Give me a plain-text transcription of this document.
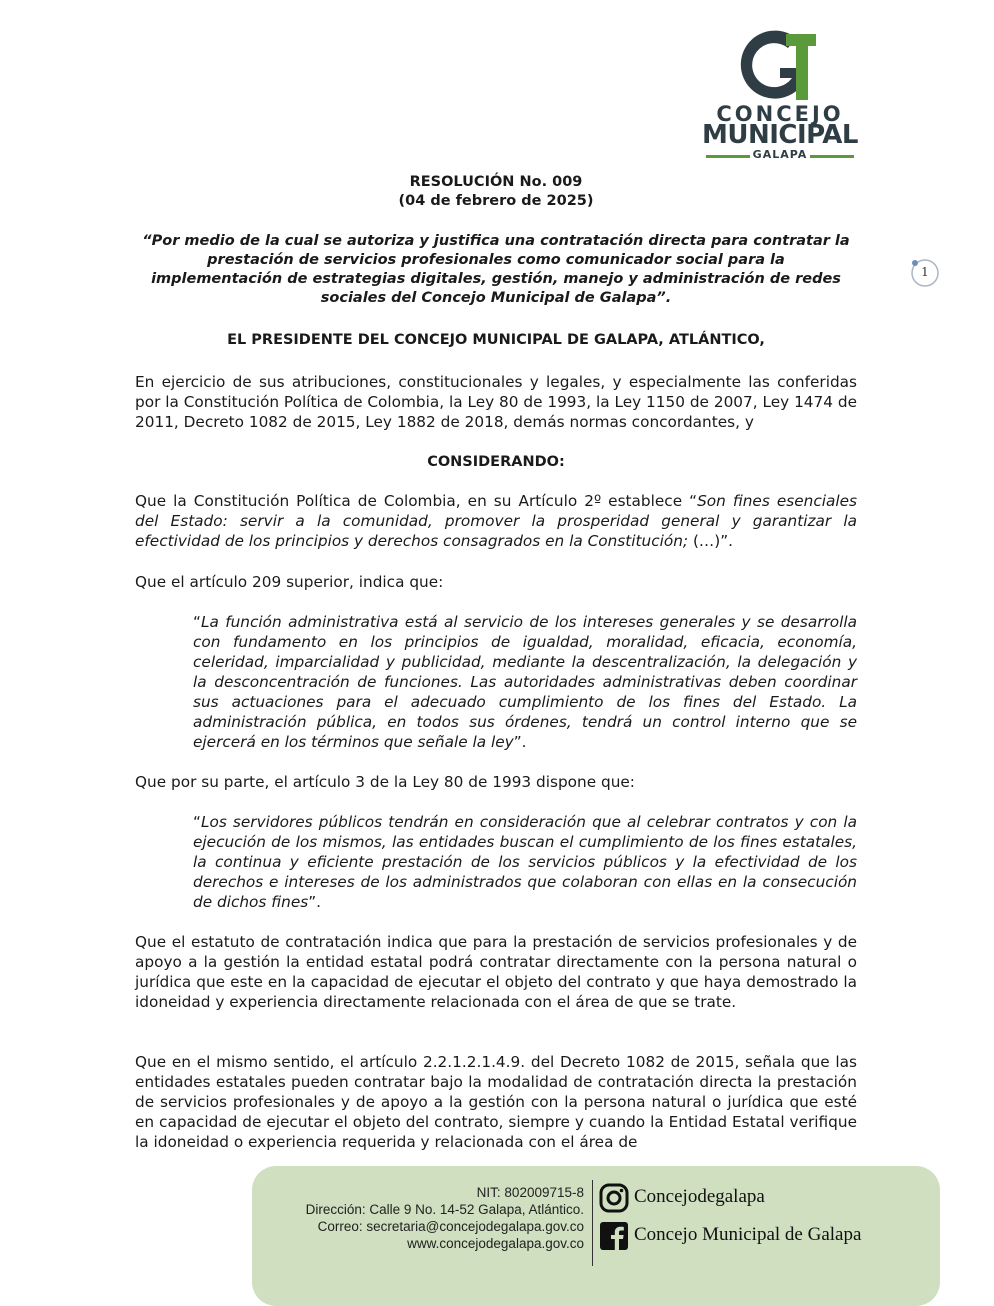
CONCEJO
MUNICIPAL
GALAPA
1
RESOLUCIÓN No. 009
(04 de febrero de 2025)
“Por medio de la cual se autoriza y justifica una contratación directa para contratar la prestación de servicios profesionales como comunicador social para la implementación de estrategias digitales, gestión, manejo y administración de redes sociales del Concejo Municipal de Galapa”.
EL PRESIDENTE DEL CONCEJO MUNICIPAL DE GALAPA, ATLÁNTICO,
En ejercicio de sus atribuciones, constitucionales y legales, y especialmente las conferidas por la Constitución Política de Colombia, la Ley 80 de 1993, la Ley 1150 de 2007, Ley 1474 de 2011, Decreto 1082 de 2015, Ley 1882 de 2018, demás normas concordantes, y
CONSIDERANDO:
Que la Constitución Política de Colombia, en su Artículo 2º establece “Son fines esenciales del Estado: servir a la comunidad, promover la prosperidad general y garantizar la efectividad de los principios y derechos consagrados en la Constitución; (…)”.
Que el artículo 209 superior, indica que:
“La función administrativa está al servicio de los intereses generales y se desarrolla con fundamento en los principios de igualdad, moralidad, eficacia, economía, celeridad, imparcialidad y publicidad, mediante la descentralización, la delegación y la desconcentración de funciones. Las autoridades administrativas deben coordinar sus actuaciones para el adecuado cumplimiento de los fines del Estado. La administración pública, en todos sus órdenes, tendrá un control interno que se ejercerá en los términos que señale la ley”.
Que por su parte, el artículo 3 de la Ley 80 de 1993 dispone que:
“Los servidores públicos tendrán en consideración que al celebrar contratos y con la ejecución de los mismos, las entidades buscan el cumplimiento de los fines estatales, la continua y eficiente prestación de los servicios públicos y la efectividad de los derechos e intereses de los administrados que colaboran con ellas en la consecución de dichos fines”.
Que el estatuto de contratación indica que para la prestación de servicios profesionales y de apoyo a la gestión la entidad estatal podrá contratar directamente con la persona natural o jurídica que este en la capacidad de ejecutar el objeto del contrato y que haya demostrado la idoneidad y experiencia directamente relacionada con el área de que se trate.
Que en el mismo sentido, el artículo 2.2.1.2.1.4.9. del Decreto 1082 de 2015, señala que las entidades estatales pueden contratar bajo la modalidad de contratación directa la prestación de servicios profesionales y de apoyo a la gestión con la persona natural o jurídica que esté en capacidad de ejecutar el objeto del contrato, siempre y cuando la Entidad Estatal verifique la idoneidad o experiencia requerida y relacionada con el área de
NIT: 802009715-8
Dirección: Calle 9 No. 14-52 Galapa, Atlántico.
Correo: secretaria@concejodegalapa.gov.co
www.concejodegalapa.gov.co
Concejodegalapa
Concejo Municipal de Galapa
